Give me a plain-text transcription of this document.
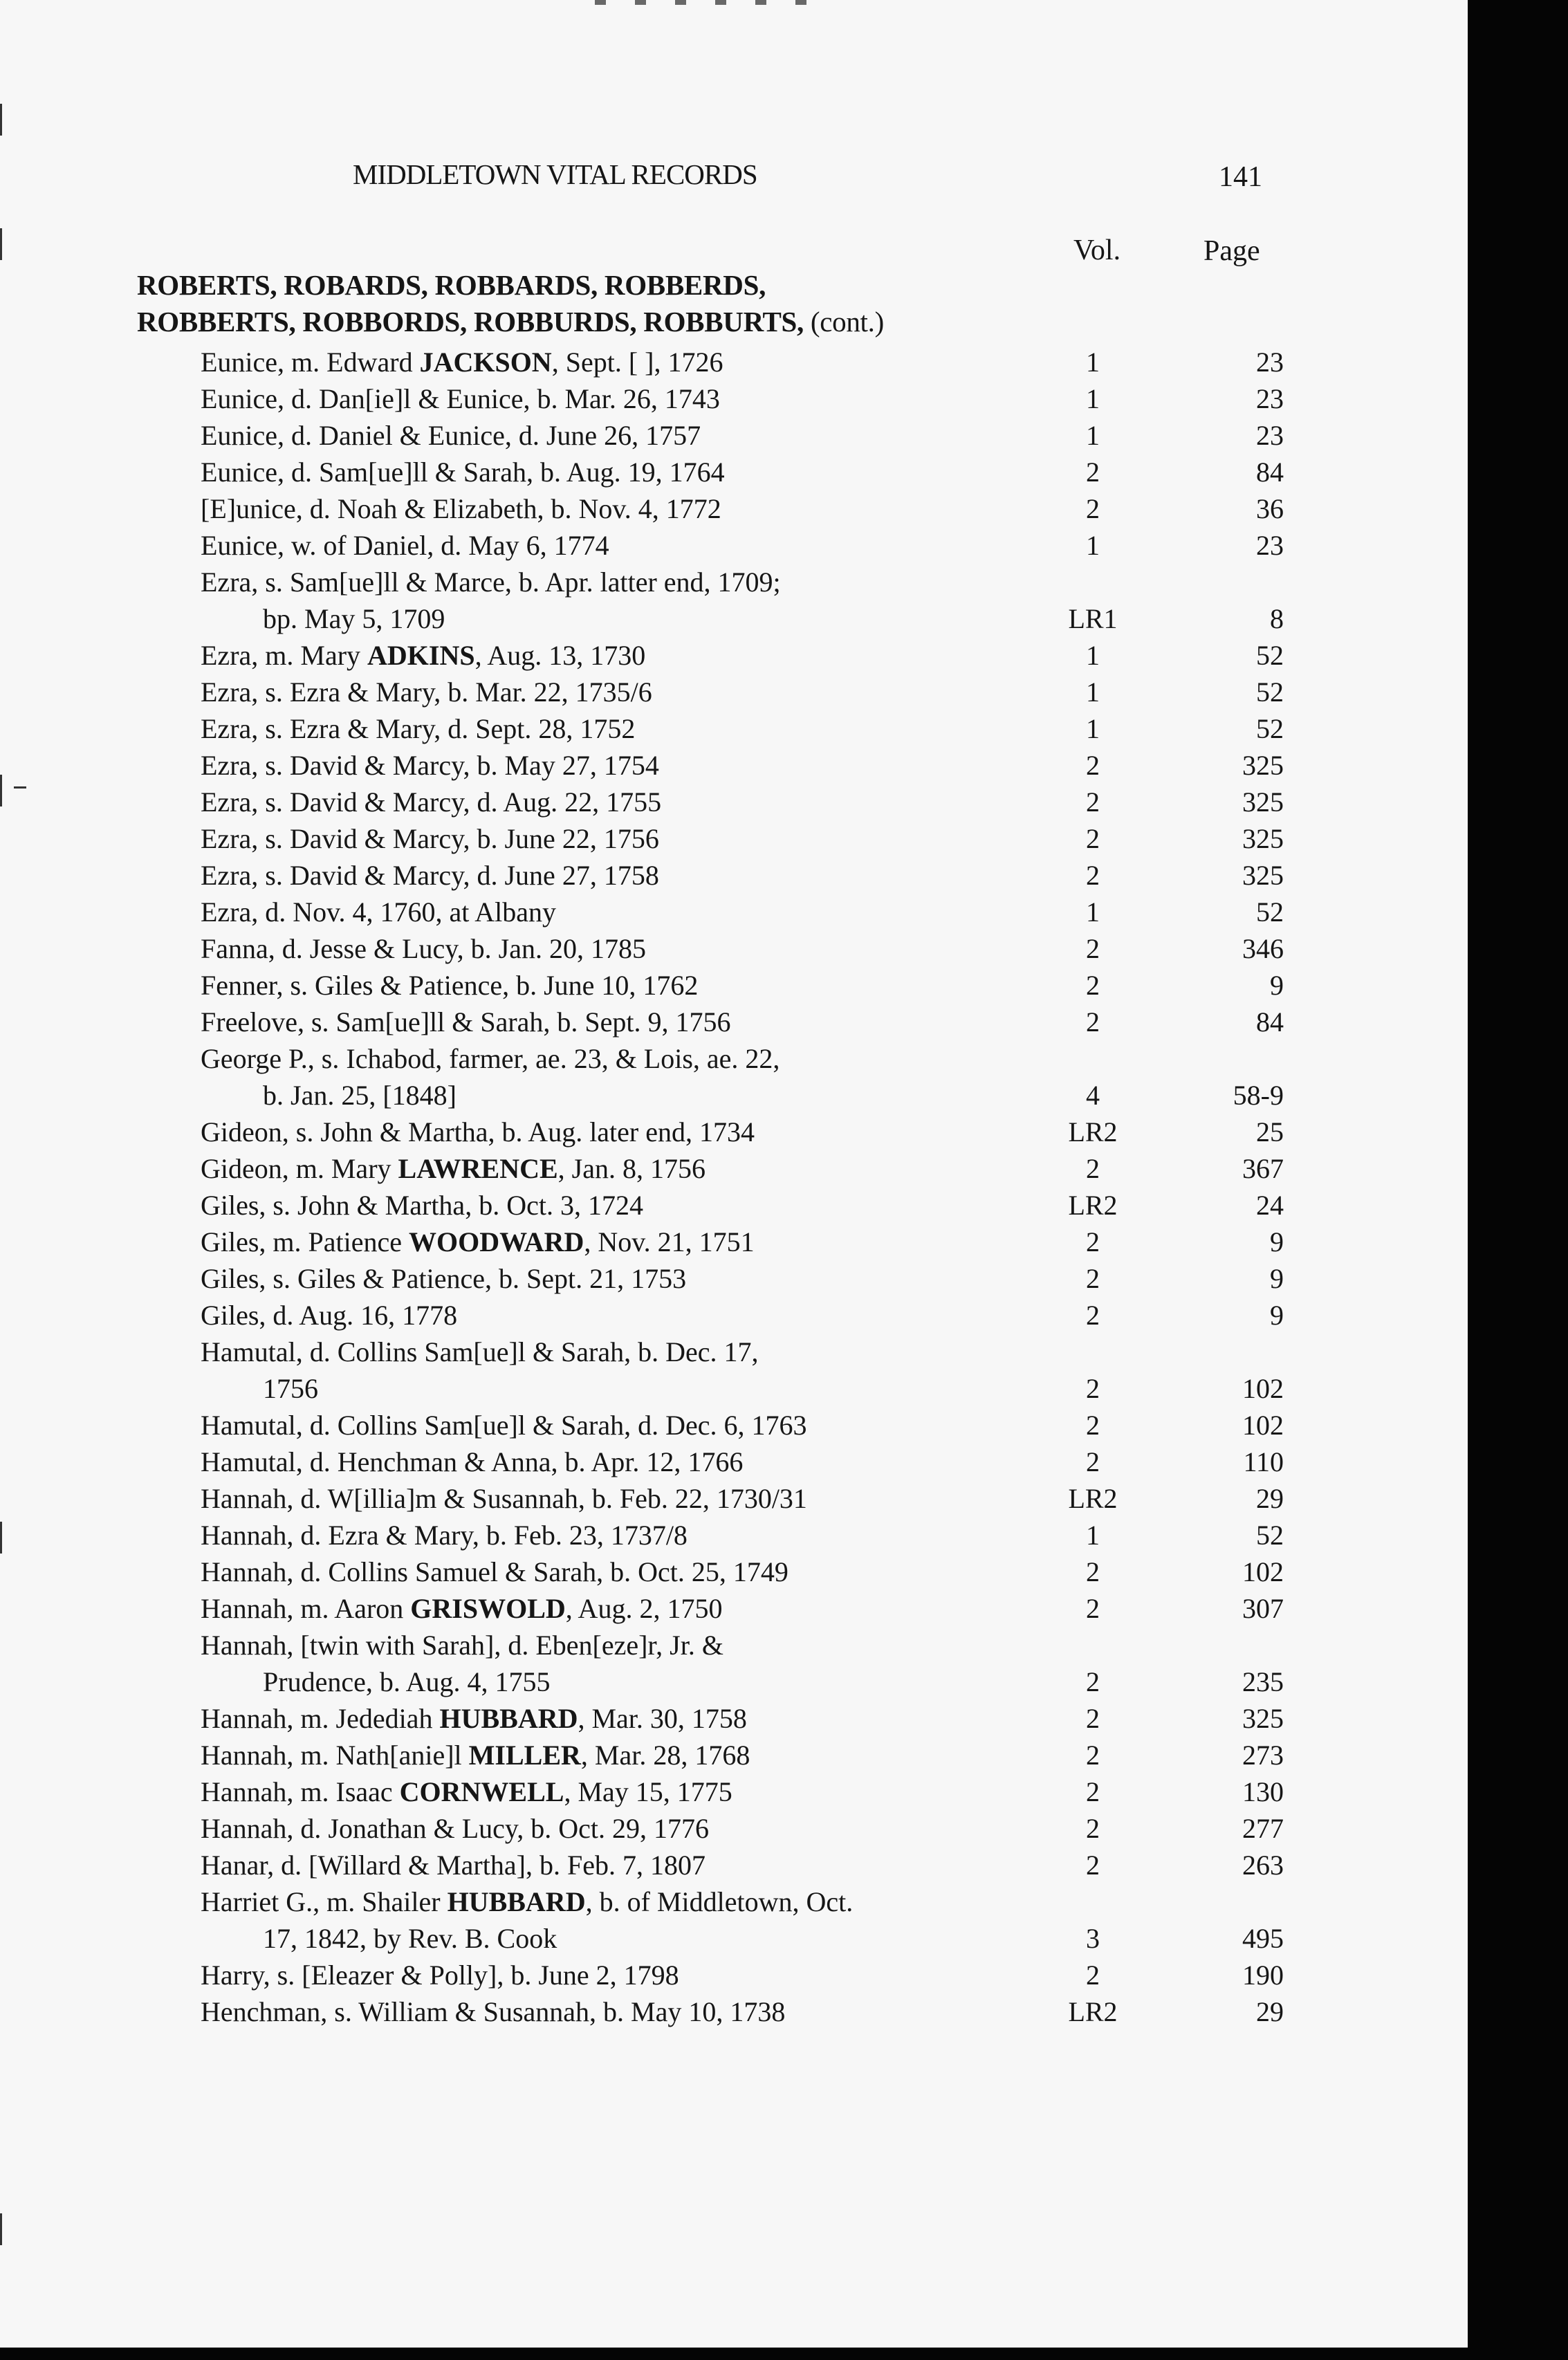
MIDDLETOWN VITAL RECORDS	141
Vol.	Page
ROBERTS, ROBARDS, ROBBARDS, ROBBERDS,
ROBBERTS, ROBBORDS, ROBBURDS, ROBBURTS, (cont.)
Eunice, m. Edward JACKSON, Sept. [ ], 1726	1	23
Eunice, d. Dan[ie]l & Eunice, b. Mar. 26, 1743	1	23
Eunice, d. Daniel & Eunice, d. June 26, 1757	1	23
Eunice, d. Sam[ue]ll & Sarah, b. Aug. 19, 1764	2	84
[E]unice, d. Noah & Elizabeth, b. Nov. 4, 1772	2	36
Eunice, w. of Daniel, d. May 6, 1774	1	23
Ezra, s. Sam[ue]ll & Marce, b. Apr. latter end, 1709;
bp. May 5, 1709	LR1	8
Ezra, m. Mary ADKINS, Aug. 13, 1730	1	52
Ezra, s. Ezra & Mary, b. Mar. 22, 1735/6	1	52
Ezra, s. Ezra & Mary, d. Sept. 28, 1752	1	52
Ezra, s. David & Marcy, b. May 27, 1754	2	325
Ezra, s. David & Marcy, d. Aug. 22, 1755	2	325
Ezra, s. David & Marcy, b. June 22, 1756	2	325
Ezra, s. David & Marcy, d. June 27, 1758	2	325
Ezra, d. Nov. 4, 1760, at Albany	1	52
Fanna, d. Jesse & Lucy, b. Jan. 20, 1785	2	346
Fenner, s. Giles & Patience, b. June 10, 1762	2	9
Freelove, s. Sam[ue]ll & Sarah, b. Sept. 9, 1756	2	84
George P., s. Ichabod, farmer, ae. 23, & Lois, ae. 22,
b. Jan. 25, [1848]	4	58-9
Gideon, s. John & Martha, b. Aug. later end, 1734	LR2	25
Gideon, m. Mary LAWRENCE, Jan. 8, 1756	2	367
Giles, s. John & Martha, b. Oct. 3, 1724	LR2	24
Giles, m. Patience WOODWARD, Nov. 21, 1751	2	9
Giles, s. Giles & Patience, b. Sept. 21, 1753	2	9
Giles, d. Aug. 16, 1778	2	9
Hamutal, d. Collins Sam[ue]l & Sarah, b. Dec. 17,
1756	2	102
Hamutal, d. Collins Sam[ue]l & Sarah, d. Dec. 6, 1763	2	102
Hamutal, d. Henchman & Anna, b. Apr. 12, 1766	2	110
Hannah, d. W[illia]m & Susannah, b. Feb. 22, 1730/31	LR2	29
Hannah, d. Ezra & Mary, b. Feb. 23, 1737/8	1	52
Hannah, d. Collins Samuel & Sarah, b. Oct. 25, 1749	2	102
Hannah, m. Aaron GRISWOLD, Aug. 2, 1750	2	307
Hannah, [twin with Sarah], d. Eben[eze]r, Jr. &
Prudence, b. Aug. 4, 1755	2	235
Hannah, m. Jedediah HUBBARD, Mar. 30, 1758	2	325
Hannah, m. Nath[anie]l MILLER, Mar. 28, 1768	2	273
Hannah, m. Isaac CORNWELL, May 15, 1775	2	130
Hannah, d. Jonathan & Lucy, b. Oct. 29, 1776	2	277
Hanar, d. [Willard & Martha], b. Feb. 7, 1807	2	263
Harriet G., m. Shailer HUBBARD, b. of Middletown, Oct.
17, 1842, by Rev. B. Cook	3	495
Harry, s. [Eleazer & Polly], b. June 2, 1798	2	190
Henchman, s. William & Susannah, b. May 10, 1738	LR2	29
